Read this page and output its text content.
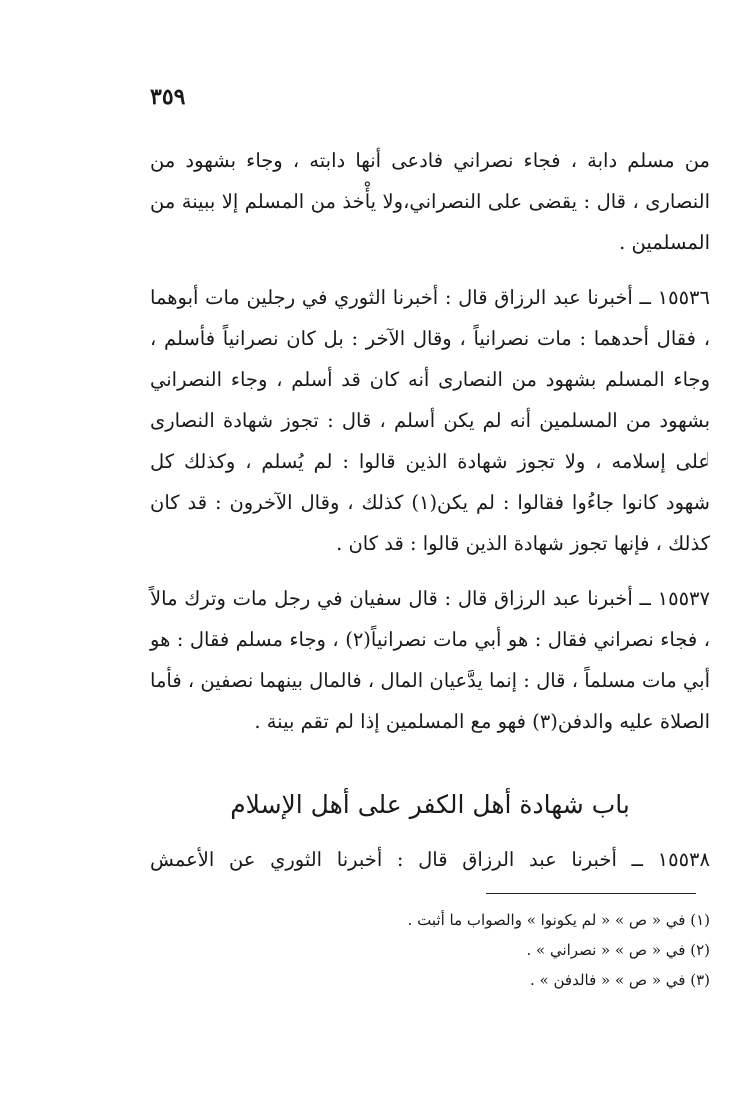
٣٥٩

من مسلم دابة ، فجاء نصراني فادعى أنها دابته ، وجاء بشهود من النصارى ، قال : يقضى على النصراني،ولا يأْخذ من المسلم إلا ببينة من المسلمين .

١٥٥٣٦ ــ أخبرنا عبد الرزاق قال : أخبرنا الثوري في رجلين مات أبوهما ، فقال أحدهما : مات نصرانياً ، وقال الآخر : بل كان نصرانياً فأسلم ، وجاء المسلم بشهود من النصارى أنه كان قد أسلم ، وجاء النصراني بشهود من المسلمين أنه لم يكن أسلم ، قال : تجوز شهادة النصارى على إسلامه ، ولا تجوز شهادة الذين قالوا : لم يُسلم ، وكذلك كل شهود كانوا جاءُوا فقالوا : لم يكن(١) كذلك ، وقال الآخرون : قد كان كذلك ، فإنها تجوز شهادة الذين قالوا : قد كان .

١٥٥٣٧ ــ أخبرنا عبد الرزاق قال : قال سفيان في رجل مات وترك مالاً ، فجاء نصراني فقال : هو أبي مات نصرانياً(٢) ، وجاء مسلم فقال : هو أبي مات مسلماً ، قال : إنما يدَّعيان المال ، فالمال بينهما نصفين ، فأما الصلاة عليه والدفن(٣) فهو مع المسلمين إذا لم تقم بينة .

باب شهادة أهل الكفر على أهل الإسلام
١٥٥٣٨ ــ أخبرنا عبد الرزاق قال : أخبرنا الثوري عن الأعمش
(١) في « ص » « لم يكونوا » والصواب ما أثبت .
(٢) في « ص » « نصراني » .
(٣) في « ص » « فالدفن » .
